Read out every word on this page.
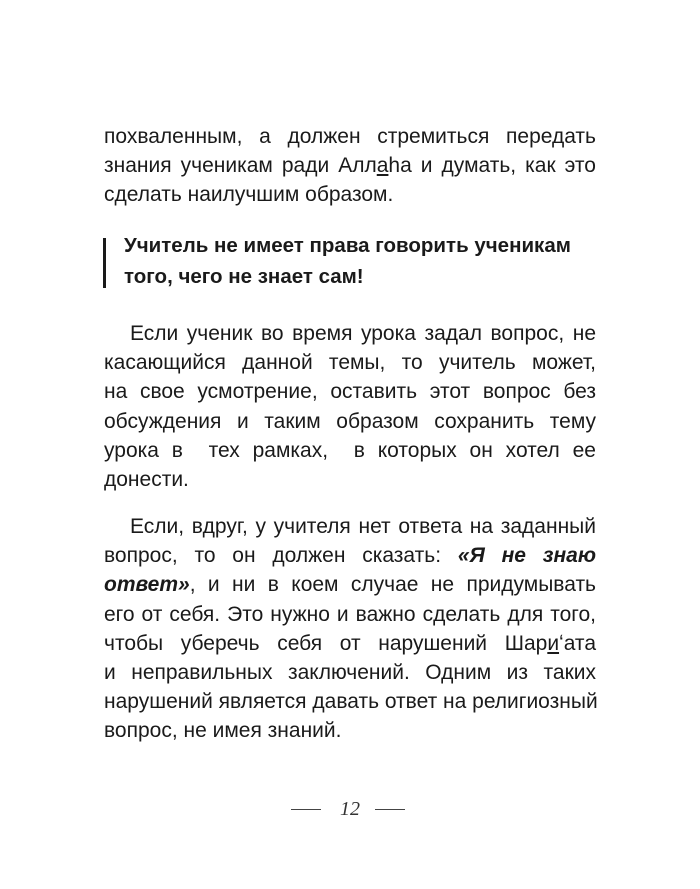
похваленным, а должен стремиться передать
знания ученикам ради Аллаhа и думать, как это
сделать наилучшим образом.
Учитель не имеет права говорить ученикам
того, чего не знает сам!
Если ученик во время урока задал вопрос, не
касающийся данной темы, то учитель может,
на свое усмотрение, оставить этот вопрос без
обсуждения и таким образом сохранить тему
урока в  тех рамках,  в которых он хотел ее
донести.
Если, вдруг, у учителя нет ответа на заданный
вопрос, то он должен сказать: «Я не знаю
ответ», и ни в коем случае не придумывать
его от себя. Это нужно и важно сделать для того,
чтобы уберечь себя от нарушений Шариʻата
и неправильных заключений. Одним из таких
нарушений является давать ответ на религиозный
вопрос, не имея знаний.
12
